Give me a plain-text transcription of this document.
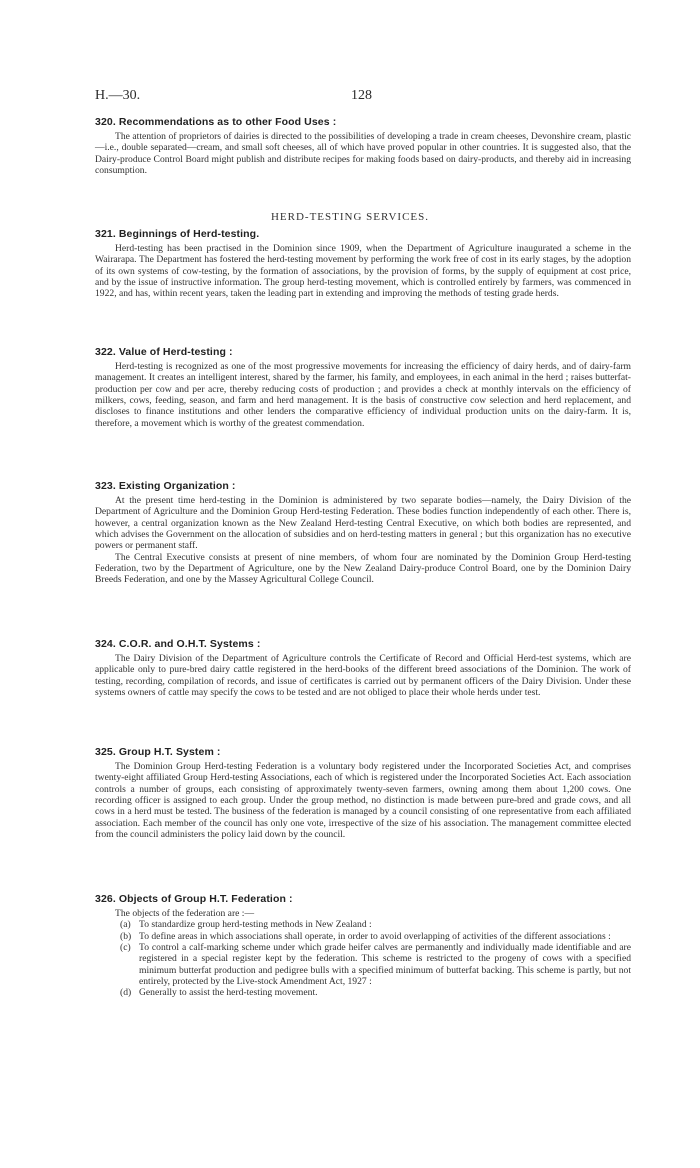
H.—30.	128
320. Recommendations as to other Food Uses :

The attention of proprietors of dairies is directed to the possibilities of developing a trade in cream cheeses, Devonshire cream, plastic—i.e., double separated—cream, and small soft cheeses, all of which have proved popular in other countries. It is suggested also, that the Dairy-produce Control Board might publish and distribute recipes for making foods based on dairy-products, and thereby aid in increasing consumption.

HERD-TESTING SERVICES.
321. Beginnings of Herd-testing.

Herd-testing has been practised in the Dominion since 1909, when the Department of Agriculture inaugurated a scheme in the Wairarapa. The Department has fostered the herd-testing movement by performing the work free of cost in its early stages, by the adoption of its own systems of cow-testing, by the formation of associations, by the provision of forms, by the supply of equipment at cost price, and by the issue of instructive information. The group herd-testing movement, which is controlled entirely by farmers, was commenced in 1922, and has, within recent years, taken the leading part in extending and improving the methods of testing grade herds.

322. Value of Herd-testing :

Herd-testing is recognized as one of the most progressive movements for increasing the efficiency of dairy herds, and of dairy-farm management. It creates an intelligent interest, shared by the farmer, his family, and employees, in each animal in the herd ; raises butterfat-production per cow and per acre, thereby reducing costs of production ; and provides a check at monthly intervals on the efficiency of milkers, cows, feeding, season, and farm and herd management. It is the basis of constructive cow selection and herd replacement, and discloses to finance institutions and other lenders the comparative efficiency of individual production units on the dairy-farm. It is, therefore, a movement which is worthy of the greatest commendation.

323. Existing Organization :

At the present time herd-testing in the Dominion is administered by two separate bodies—namely, the Dairy Division of the Department of Agriculture and the Dominion Group Herd-testing Federation. These bodies function independently of each other. There is, however, a central organization known as the New Zealand Herd-testing Central Executive, on which both bodies are represented, and which advises the Government on the allocation of subsidies and on herd-testing matters in general ; but this organization has no executive powers or permanent staff.

The Central Executive consists at present of nine members, of whom four are nominated by the Dominion Group Herd-testing Federation, two by the Department of Agriculture, one by the New Zealand Dairy-produce Control Board, one by the Dominion Dairy Breeds Federation, and one by the Massey Agricultural College Council.

324. C.O.R. and O.H.T. Systems :

The Dairy Division of the Department of Agriculture controls the Certificate of Record and Official Herd-test systems, which are applicable only to pure-bred dairy cattle registered in the herd-books of the different breed associations of the Dominion. The work of testing, recording, compilation of records, and issue of certificates is carried out by permanent officers of the Dairy Division. Under these systems owners of cattle may specify the cows to be tested and are not obliged to place their whole herds under test.

325. Group H.T. System :

The Dominion Group Herd-testing Federation is a voluntary body registered under the Incorporated Societies Act, and comprises twenty-eight affiliated Group Herd-testing Associations, each of which is registered under the Incorporated Societies Act. Each association controls a number of groups, each consisting of approximately twenty-seven farmers, owning among them about 1,200 cows. One recording officer is assigned to each group. Under the group method, no distinction is made between pure-bred and grade cows, and all cows in a herd must be tested. The business of the federation is managed by a council consisting of one representative from each affiliated association. Each member of the council has only one vote, irrespective of the size of his association. The management committee elected from the council administers the policy laid down by the council.

326. Objects of Group H.T. Federation :

The objects of the federation are :—

(a) To standardize group herd-testing methods in New Zealand :
(b) To define areas in which associations shall operate, in order to avoid overlapping of activities of the different associations :
(c) To control a calf-marking scheme under which grade heifer calves are permanently and individually made identifiable and are registered in a special register kept by the federation. This scheme is restricted to the progeny of cows with a specified minimum butterfat production and pedigree bulls with a specified minimum of butterfat backing. This scheme is partly, but not entirely, protected by the Live-stock Amendment Act, 1927 :
(d) Generally to assist the herd-testing movement.
